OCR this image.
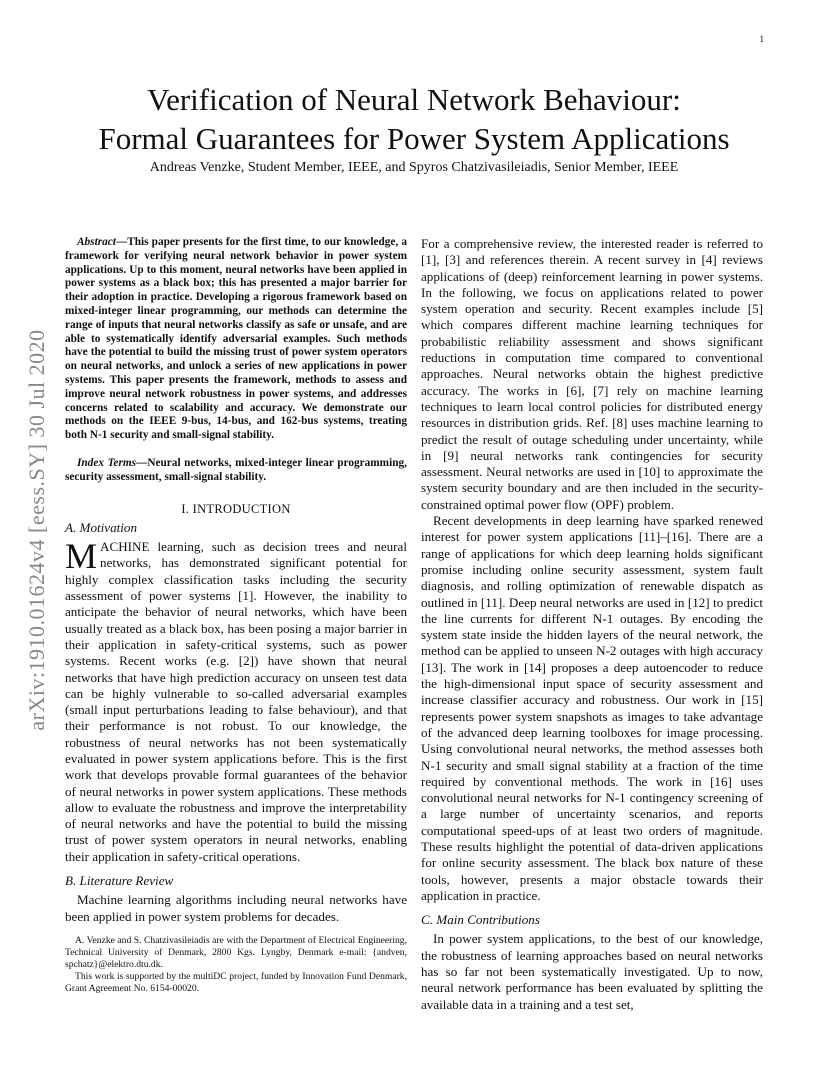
1
arXiv:1910.01624v4 [eess.SY] 30 Jul 2020
Verification of Neural Network Behaviour:
Formal Guarantees for Power System Applications
Andreas Venzke, Student Member, IEEE, and Spyros Chatzivasileiadis, Senior Member, IEEE

Abstract—This paper presents for the first time, to our knowledge, a framework for verifying neural network behavior in power system applications. Up to this moment, neural networks have been applied in power systems as a black box; this has presented a major barrier for their adoption in practice. Developing a rigorous framework based on mixed-integer linear programming, our methods can determine the range of inputs that neural networks classify as safe or unsafe, and are able to systematically identify adversarial examples. Such methods have the potential to build the missing trust of power system operators on neural networks, and unlock a series of new applications in power systems. This paper presents the framework, methods to assess and improve neural network robustness in power systems, and addresses concerns related to scalability and accuracy. We demonstrate our methods on the IEEE 9-bus, 14-bus, and 162-bus systems, treating both N-1 security and small-signal stability.

Index Terms—Neural networks, mixed-integer linear programming, security assessment, small-signal stability.

I. INTRODUCTION
A. Motivation

MACHINE learning, such as decision trees and neural networks, has demonstrated significant potential for highly complex classification tasks including the security assessment of power systems [1]. However, the inability to anticipate the behavior of neural networks, which have been usually treated as a black box, has been posing a major barrier in their application in safety-critical systems, such as power systems. Recent works (e.g. [2]) have shown that neural networks that have high prediction accuracy on unseen test data can be highly vulnerable to so-called adversarial examples (small input perturbations leading to false behaviour), and that their performance is not robust. To our knowledge, the robustness of neural networks has not been systematically evaluated in power system applications before. This is the first work that develops provable formal guarantees of the behavior of neural networks in power system applications. These methods allow to evaluate the robustness and improve the interpretability of neural networks and have the potential to build the missing trust of power system operators in neural networks, enabling their application in safety-critical operations.

B. Literature Review

Machine learning algorithms including neural networks have been applied in power system problems for decades.

A. Venzke and S. Chatzivasileiadis are with the Department of Electrical Engineering, Technical University of Denmark, 2800 Kgs. Lyngby, Denmark e-mail: {andven, spchatz}@elektro.dtu.dk.

This work is supported by the multiDC project, funded by Innovation Fund Denmark, Grant Agreement No. 6154-00020.

For a comprehensive review, the interested reader is referred to [1], [3] and references therein. A recent survey in [4] reviews applications of (deep) reinforcement learning in power systems. In the following, we focus on applications related to power system operation and security. Recent examples include [5] which compares different machine learning techniques for probabilistic reliability assessment and shows significant reductions in computation time compared to conventional approaches. Neural networks obtain the highest predictive accuracy. The works in [6], [7] rely on machine learning techniques to learn local control policies for distributed energy resources in distribution grids. Ref. [8] uses machine learning to predict the result of outage scheduling under uncertainty, while in [9] neural networks rank contingencies for security assessment. Neural networks are used in [10] to approximate the system security boundary and are then included in the security-constrained optimal power flow (OPF) problem.

Recent developments in deep learning have sparked renewed interest for power system applications [11]–[16]. There are a range of applications for which deep learning holds significant promise including online security assessment, system fault diagnosis, and rolling optimization of renewable dispatch as outlined in [11]. Deep neural networks are used in [12] to predict the line currents for different N-1 outages. By encoding the system state inside the hidden layers of the neural network, the method can be applied to unseen N-2 outages with high accuracy [13]. The work in [14] proposes a deep autoencoder to reduce the high-dimensional input space of security assessment and increase classifier accuracy and robustness. Our work in [15] represents power system snapshots as images to take advantage of the advanced deep learning toolboxes for image processing. Using convolutional neural networks, the method assesses both N-1 security and small signal stability at a fraction of the time required by conventional methods. The work in [16] uses convolutional neural networks for N-1 contingency screening of a large number of uncertainty scenarios, and reports computational speed-ups of at least two orders of magnitude. These results highlight the potential of data-driven applications for online security assessment. The black box nature of these tools, however, presents a major obstacle towards their application in practice.

C. Main Contributions

In power system applications, to the best of our knowledge, the robustness of learning approaches based on neural networks has so far not been systematically investigated. Up to now, neural network performance has been evaluated by splitting the available data in a training and a test set,
